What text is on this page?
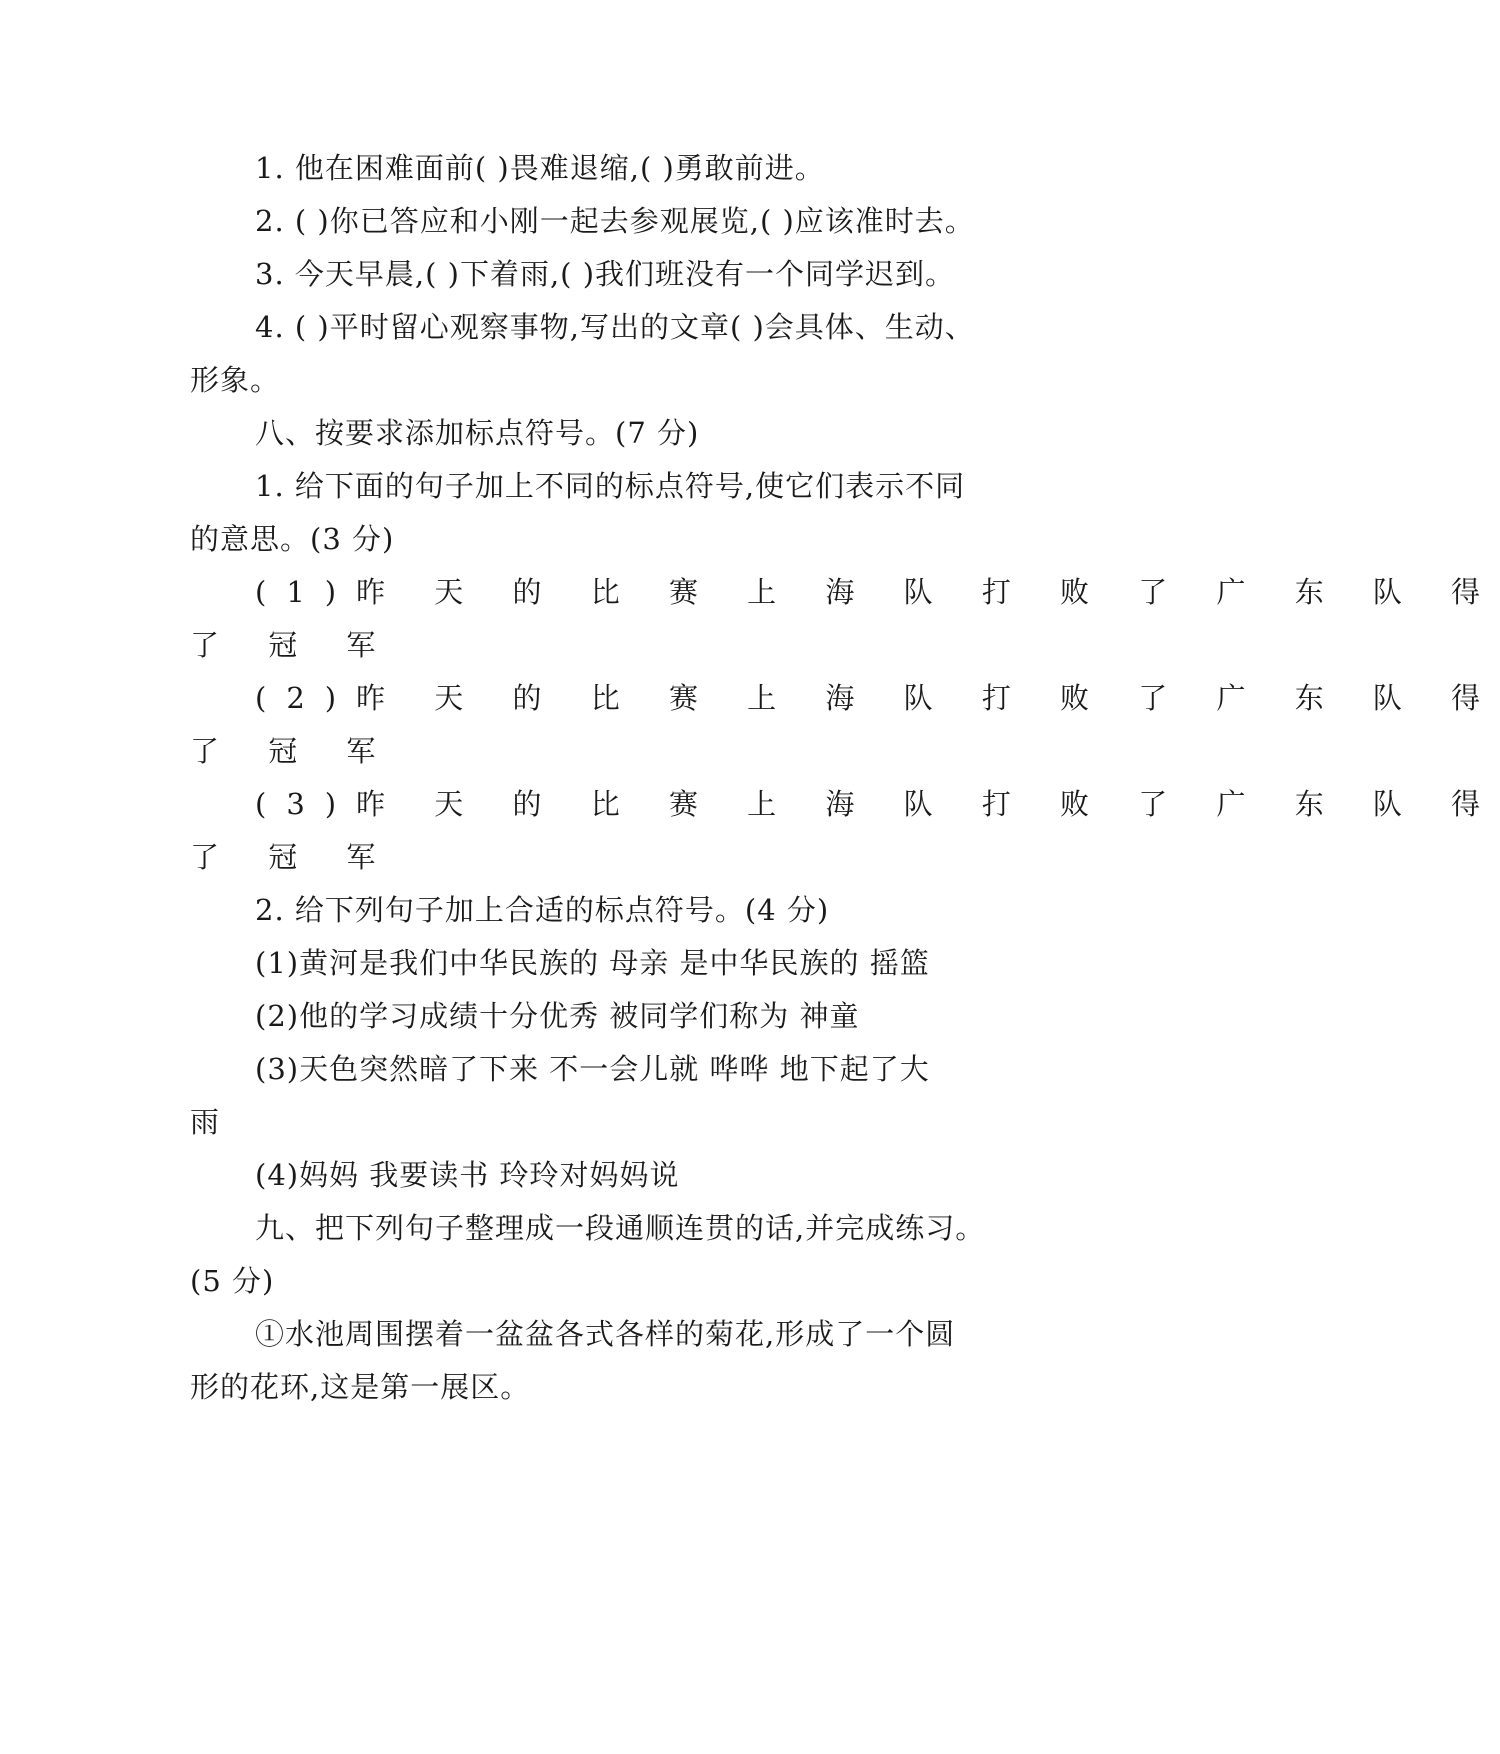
1. 他在困难面前( )畏难退缩,( )勇敢前进。
2. ( )你已答应和小刚一起去参观展览,( )应该准时去。
3. 今天早晨,( )下着雨,( )我们班没有一个同学迟到。
4. ( )平时留心观察事物,写出的文章( )会具体、生动、
形象。
八、按要求添加标点符号。(7 分)
1. 给下面的句子加上不同的标点符号,使它们表示不同
的意思。(3 分)
(1)昨 天 的 比 赛 上 海 队 打 败 了 广 东 队 得
了 冠 军
(2)昨 天 的 比 赛 上 海 队 打 败 了 广 东 队 得
了 冠 军
(3)昨 天 的 比 赛 上 海 队 打 败 了 广 东 队 得
了 冠 军
2. 给下列句子加上合适的标点符号。(4 分)
(1)黄河是我们中华民族的 母亲 是中华民族的 摇篮
(2)他的学习成绩十分优秀 被同学们称为 神童
(3)天色突然暗了下来 不一会儿就 哗哗 地下起了大
雨
(4)妈妈 我要读书 玲玲对妈妈说
九、把下列句子整理成一段通顺连贯的话,并完成练习。
(5 分)
①水池周围摆着一盆盆各式各样的菊花,形成了一个圆
形的花环,这是第一展区。
